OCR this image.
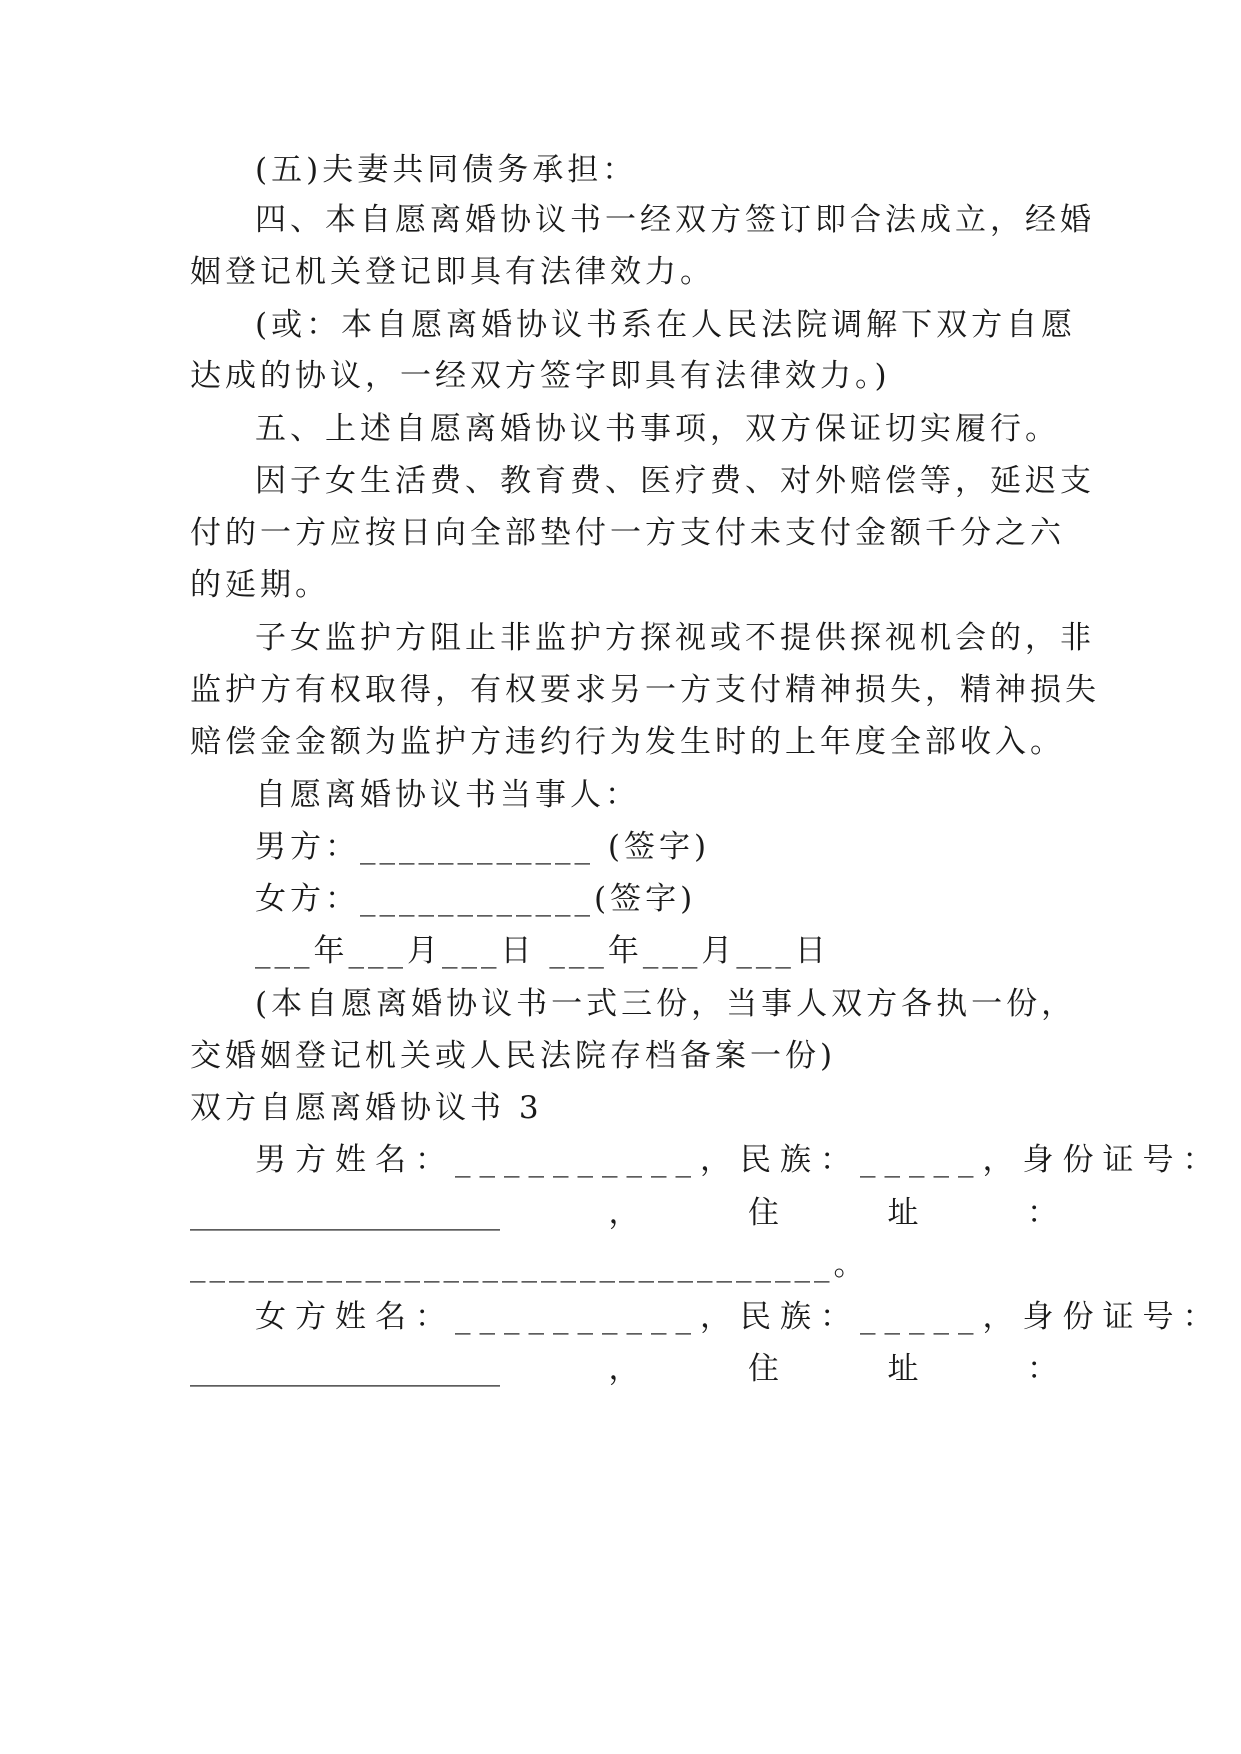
(五)夫妻共同债务承担：
四、本自愿离婚协议书一经双方签订即合法成立，经婚
姻登记机关登记即具有法律效力。
(或：本自愿离婚协议书系在人民法院调解下双方自愿
达成的协议，一经双方签字即具有法律效力。)
五、上述自愿离婚协议书事项，双方保证切实履行。
因子女生活费、教育费、医疗费、对外赔偿等，延迟支
付的一方应按日向全部垫付一方支付未支付金额千分之六
的延期。
子女监护方阻止非监护方探视或不提供探视机会的，非
监护方有权取得，有权要求另一方支付精神损失，精神损失
赔偿金金额为监护方违约行为发生时的上年度全部收入。
自愿离婚协议书当事人：
男方：____________ (签字)
女方：____________(签字)
___年___月___日 ___年___月___日
(本自愿离婚协议书一式三份，当事人双方各执一份，
交婚姻登记机关或人民法院存档备案一份)
双方自愿离婚协议书 3
男方姓名：__________，民族：_____，身份证号：
____________________	，	住	址	：
_________________________________。
女方姓名：__________，民族：_____，身份证号：
____________________	，	住	址	：
